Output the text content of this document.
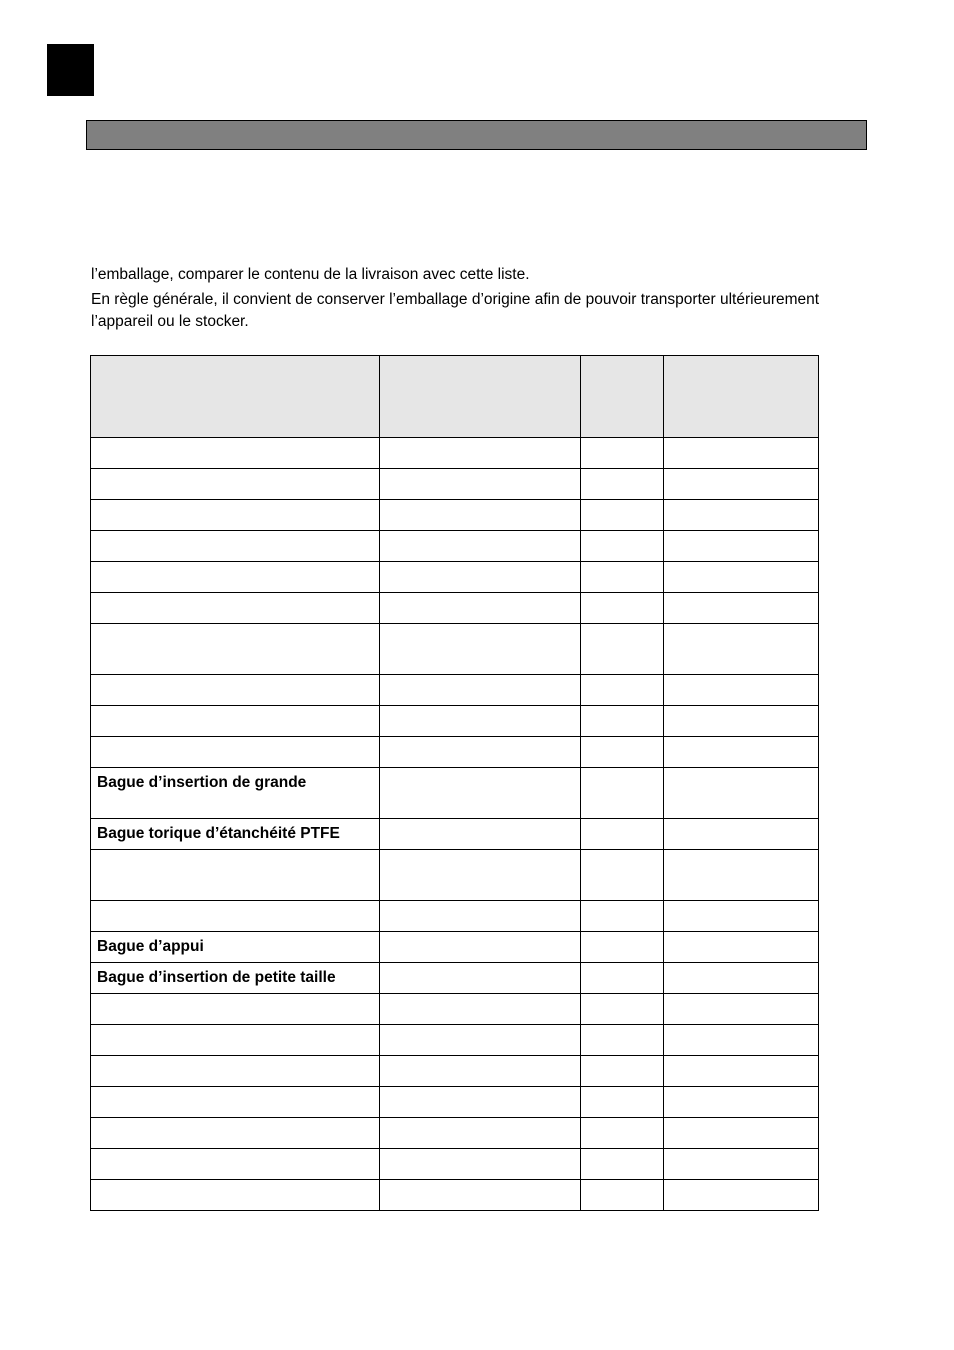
l’emballage, comparer le contenu de la livraison avec cette liste.

En règle générale, il convient de conserver l’emballage d’origine afin de pouvoir transporter ultérieurement l’appareil ou le stocker.

Bague d’insertion de grande			
Bague torique d’étanchéité PTFE			

Bague d’appui			
Bague d’insertion de petite taille			
